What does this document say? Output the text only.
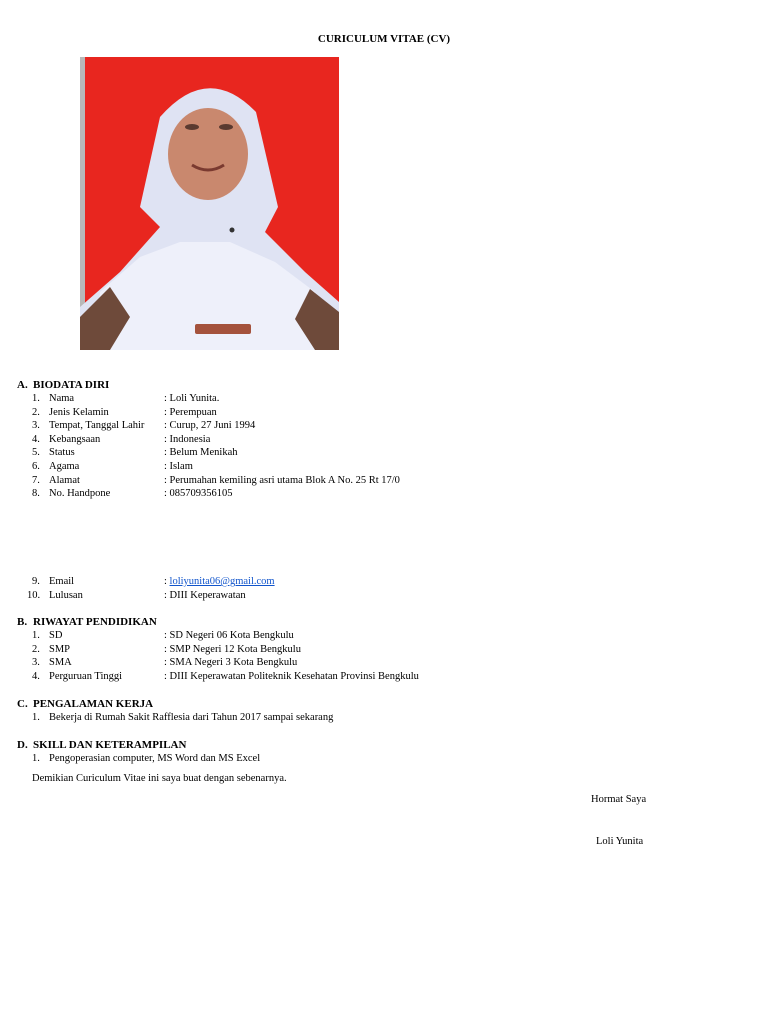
CURICULUM VITAE (CV)
A. BIODATA DIRI
1. Nama	: Loli Yunita.
2. Jenis Kelamin	: Perempuan
3. Tempat, Tanggal Lahir : Curup, 27 Juni 1994
4. Kebangsaan	: Indonesia
5. Status	: Belum Menikah
6. Agama	: Islam
7. Alamat	: Perumahan kemiling asri utama Blok A No. 25 Rt 17/0
8. No. Handpone	: 085709356105
9. Email	: loliyunita06@gmail.com
10. Lulusan	: DIII Keperawatan
B. RIWAYAT PENDIDIKAN
1. SD	: SD Negeri 06 Kota Bengkulu
2. SMP	: SMP Negeri 12 Kota Bengkulu
3. SMA	: SMA Negeri 3 Kota Bengkulu
4. Perguruan Tinggi	: DIII Keperawatan Politeknik Kesehatan Provinsi Bengkulu
C. PENGALAMAN KERJA
1. Bekerja di Rumah Sakit Rafflesia dari Tahun 2017 sampai sekarang
D. SKILL DAN KETERAMPILAN
1. Pengoperasian computer, MS Word dan MS Excel
Demikian Curiculum Vitae ini saya buat dengan sebenarnya.
Hormat Saya
Loli Yunita
